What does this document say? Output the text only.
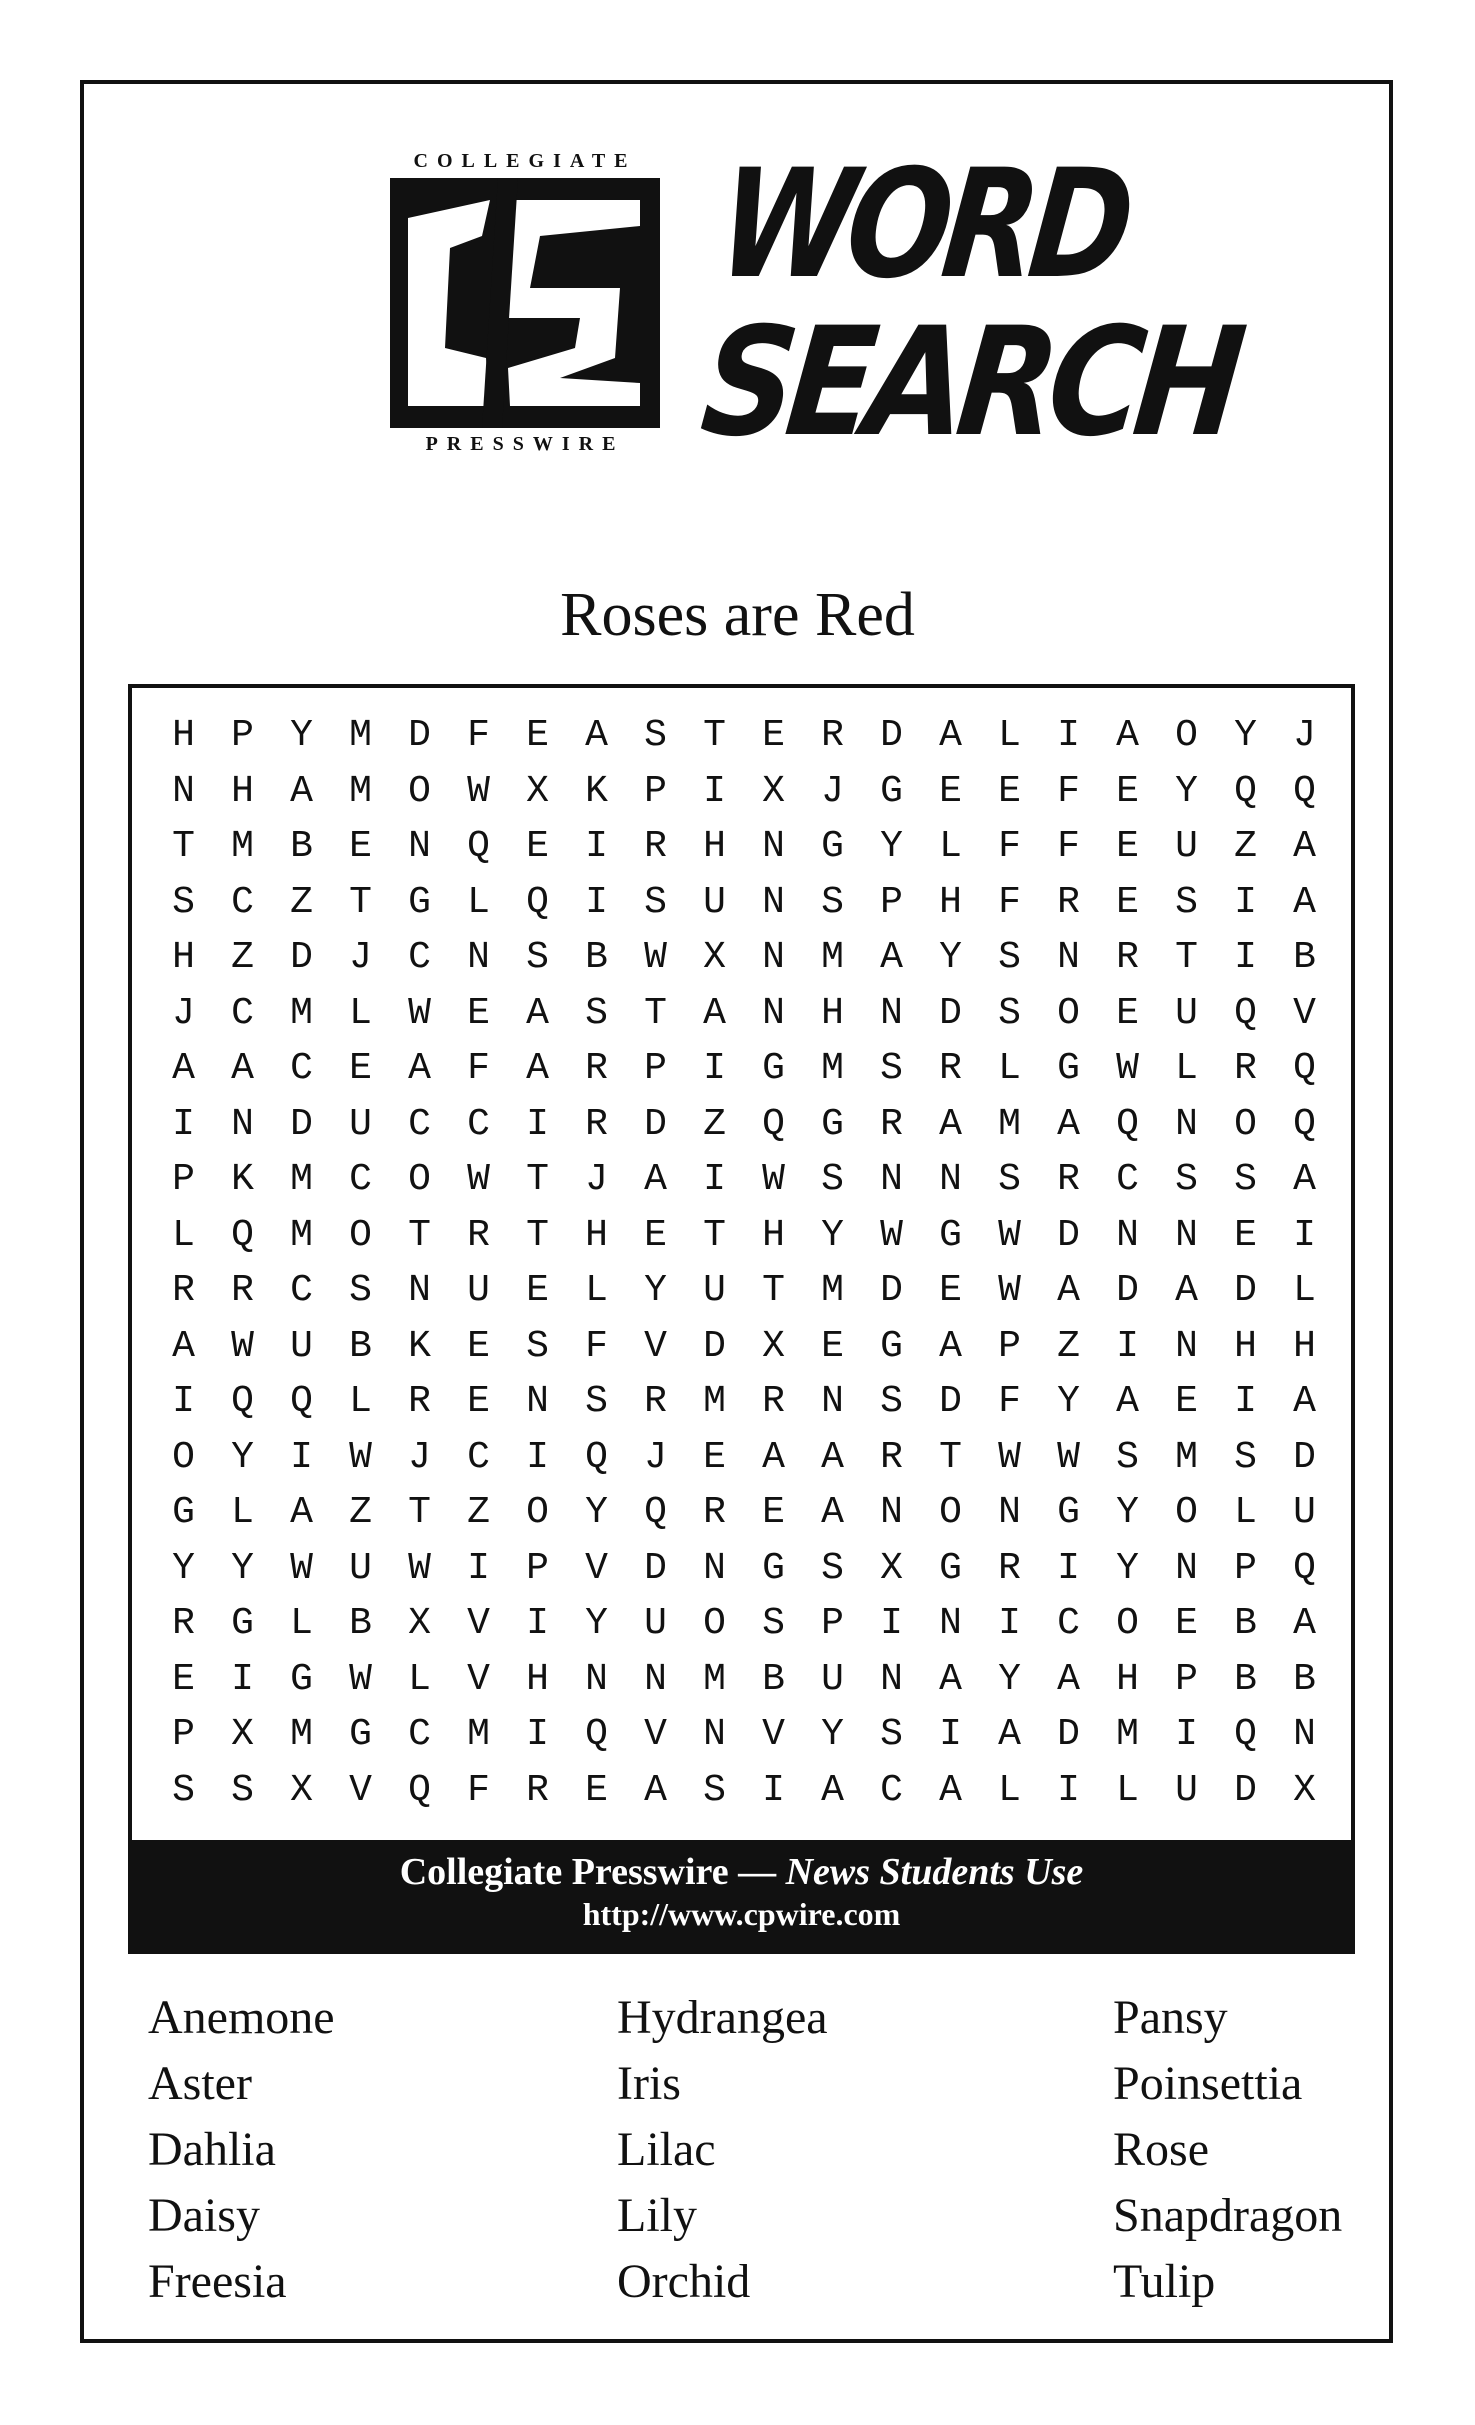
COLLEGIATE
PRESSWIRE
WORD
SEARCH
Roses are Red
H P Y M D F E A S T E R D A L I A O Y J
N H A M O W X K P I X J G E E F E Y Q Q
T M B E N Q E I R H N G Y L F F E U Z A
S C Z T G L Q I S U N S P H F R E S I A
H Z D J C N S B W X N M A Y S N R T I B
J C M L W E A S T A N H N D S O E U Q V
A A C E A F A R P I G M S R L G W L R Q
I N D U C C I R D Z Q G R A M A Q N O Q
P K M C O W T J A I W S N N S R C S S A
L Q M O T R T H E T H Y W G W D N N E I
R R C S N U E L Y U T M D E W A D A D L
A W U B K E S F V D X E G A P Z I N H H
I Q Q L R E N S R M R N S D F Y A E I A
O Y I W J C I Q J E A A R T W W S M S D
G L A Z T Z O Y Q R E A N O N G Y O L U
Y Y W U W I P V D N G S X G R I Y N P Q
R G L B X V I Y U O S P I N I C O E B A
E I G W L V H N N M B U N A Y A H P B B
P X M G C M I Q V N V Y S I A D M I Q N
S S X V Q F R E A S I A C A L I L U D X
Collegiate Presswire — News Students Use
http://www.cpwire.com
Anemone
Aster
Dahlia
Daisy
Freesia
Hydrangea
Iris
Lilac
Lily
Orchid
Pansy
Poinsettia
Rose
Snapdragon
Tulip
